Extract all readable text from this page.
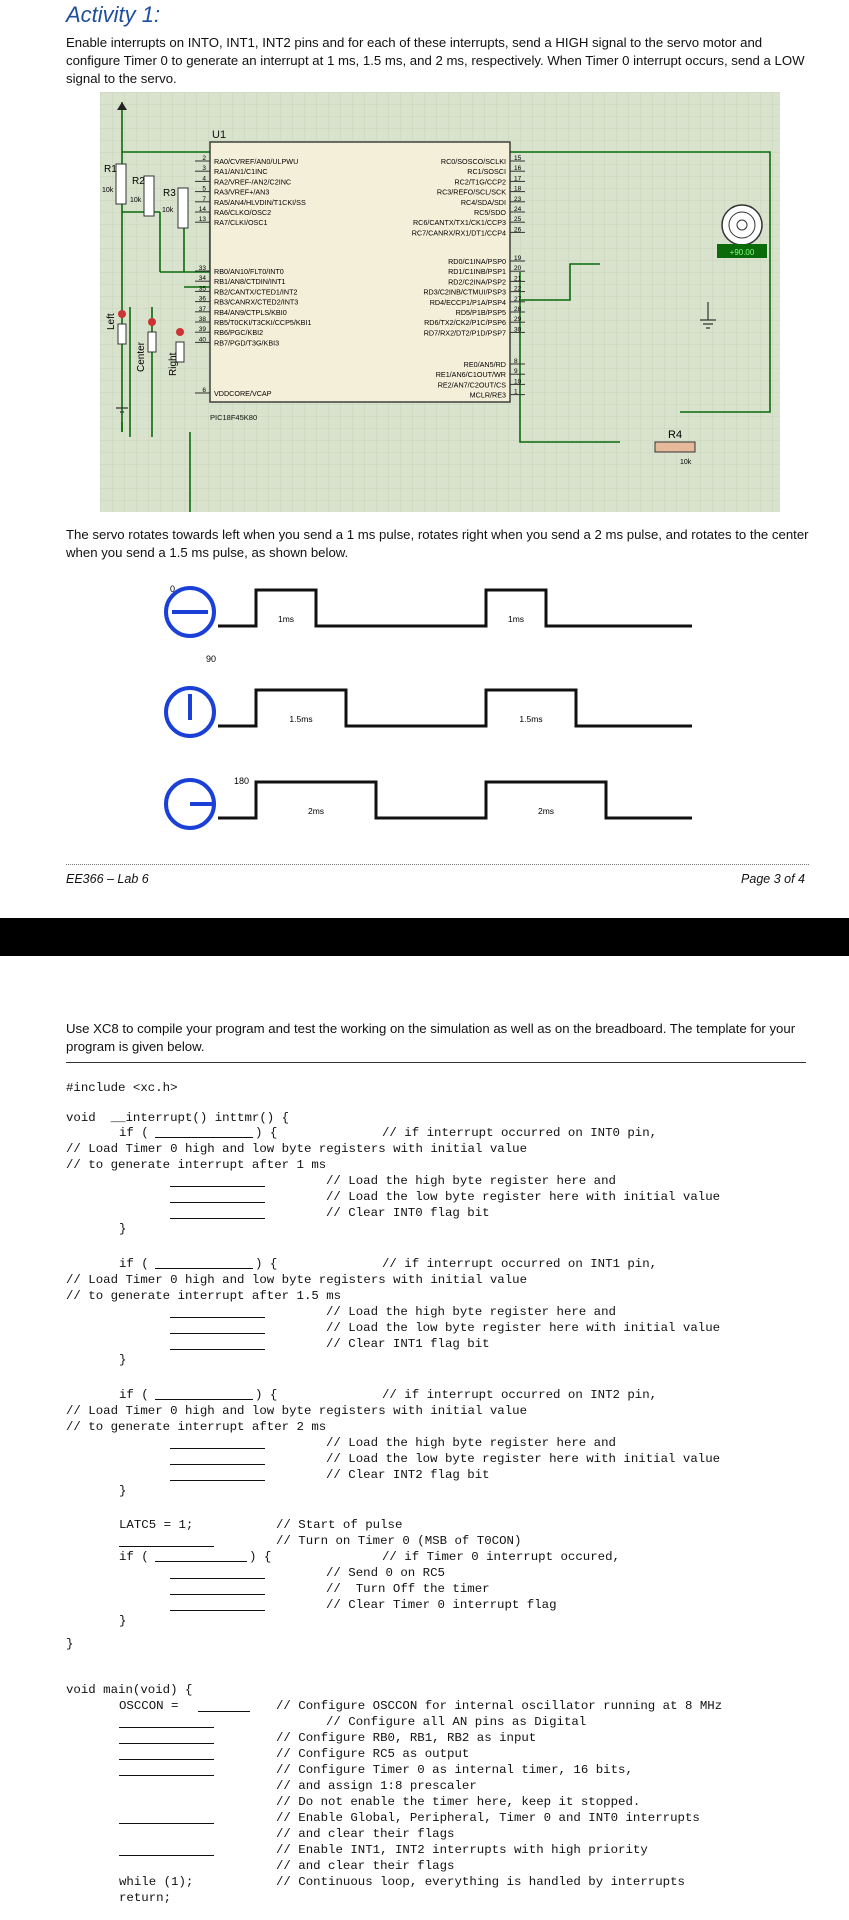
Activity 1:
Enable interrupts on INTO, INT1, INT2 pins and for each of these interrupts, send a HIGH signal to the servo motor and configure Timer 0 to generate an interrupt at 1 ms, 1.5 ms, and 2 ms, respectively. When Timer 0 interrupt occurs, send a LOW signal to the servo.
U1
PIC18F45K80
RA0/CVREF/AN0/ULPWU
2
RA1/AN1/C1INC
3
RA2/VREF-/AN2/C2INC
4
RA3/VREF+/AN3
5
RA5/AN4/HLVDIN/T1CKI/SS
7
RA6/CLKO/OSC2
14
RA7/CLKI/OSC1
13
RB0/AN10/FLT0/INT0
33
RB1/AN8/CTDIN/INT1
34
RB2/CANTX/CTED1/INT2
35
RB3/CANRX/CTED2/INT3
36
RB4/AN9/CTPLS/KBI0
37
RB5/T0CKI/T3CKI/CCP5/KBI1
38
RB6/PGC/KBI2
39
RB7/PGD/T3G/KBI3
40
VDDCORE/VCAP
6
RC0/SOSCO/SCLKI 15
RC1/SOSCI 16
RC2/T1G/CCP2 17
RC3/REFO/SCL/SCK 18
RC4/SDA/SDI 23
RC5/SDO 24
RC6/CANTX/TX1/CK1/CCP3 25
RC7/CANRX/RX1/DT1/CCP4 26
RD0/C1INA/PSP0 19
RD1/C1INB/PSP1 20
RD2/C2INA/PSP2 21
RD3/C2INB/CTMUI/PSP3 22
RD4/ECCP1/P1A/PSP4 27
RD5/P1B/PSP5 28
RD6/TX2/CK2/P1C/PSP6 29
RD7/RX2/DT2/P1D/PSP7 30
RE0/AN5/RD 8
RE1/AN6/C1OUT/WR 9
RE2/AN7/C2OUT/CS 10
MCLR/RE3 1
R1
10k
R2
10k
R3
10k
R4
10k
Left
Center Right
+90.00
The servo rotates towards left when you send a 1 ms pulse, rotates right when you send a 2 ms pulse, and rotates to the center when you send a 1.5 ms pulse, as shown below.
0
1ms	1ms
90
1.5ms	1.5ms
180
2ms	2ms
EE366 – Lab 6	Page 3 of 4
Use XC8 to compile your program and test the working on the simulation as well as on the breadboard. The template for your program is given below.
#include <xc.h>
void  __interrupt() inttmr() {
if (	) {	// if interrupt occurred on INT0 pin,
// Load Timer 0 high and low byte registers with initial value
// to generate interrupt after 1 ms
// Load the high byte register here and
// Load the low byte register here with initial value
// Clear INT0 flag bit
}
if (	) {	// if interrupt occurred on INT1 pin,
// Load Timer 0 high and low byte registers with initial value
// to generate interrupt after 1.5 ms
// Load the high byte register here and
// Load the low byte register here with initial value
// Clear INT1 flag bit
}
if (	) {	// if interrupt occurred on INT2 pin,
// Load Timer 0 high and low byte registers with initial value
// to generate interrupt after 2 ms
// Load the high byte register here and
// Load the low byte register here with initial value
// Clear INT2 flag bit
}
LATC5 = 1;	// Start of pulse
// Turn on Timer 0 (MSB of T0CON)
if (	) {	// if Timer 0 interrupt occured,
// Send 0 on RC5
//  Turn Off the timer
// Clear Timer 0 interrupt flag
}
}
void main(void) {
OSCCON =	// Configure OSCCON for internal oscillator running at 8 MHz
// Configure all AN pins as Digital
// Configure RB0, RB1, RB2 as input
// Configure RC5 as output
// Configure Timer 0 as internal timer, 16 bits,
// and assign 1:8 prescaler
// Do not enable the timer here, keep it stopped.
// Enable Global, Peripheral, Timer 0 and INT0 interrupts
// and clear their flags
// Enable INT1, INT2 interrupts with high priority
// and clear their flags
while (1);	// Continuous loop, everything is handled by interrupts
return;
